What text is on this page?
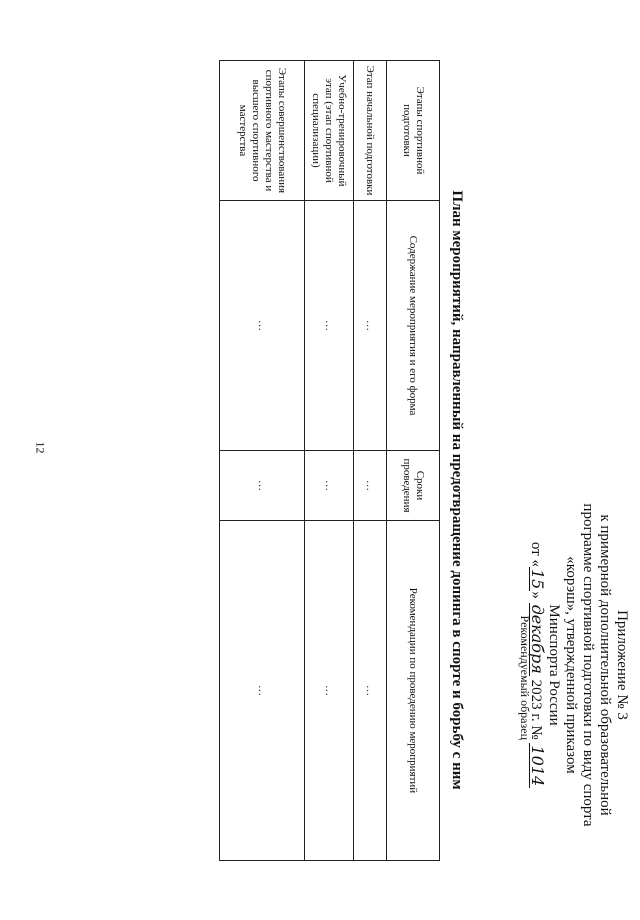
12
Приложение № 3
к примерной дополнительной образовательной
программе спортивной подготовки по виду спорта
«корэш», утвержденной приказом
Минспорта России
от «15» декабря 2023 г. № 1014
Рекомендуемый образец
План мероприятий, направленный на предотвращение допинга в спорте и борьбу с ним
Этапы спортивной подготовки	Содержание мероприятия и его форма	Сроки проведения	Рекомендации по проведению мероприятий
Этап начальной подготовки	…	…	…
Учебно-тренировочный этап (этап спортивной специализации)	…	…	…
Этапы совершенствования спортивного мастерства и высшего спортивного мастерства	…	…	…
